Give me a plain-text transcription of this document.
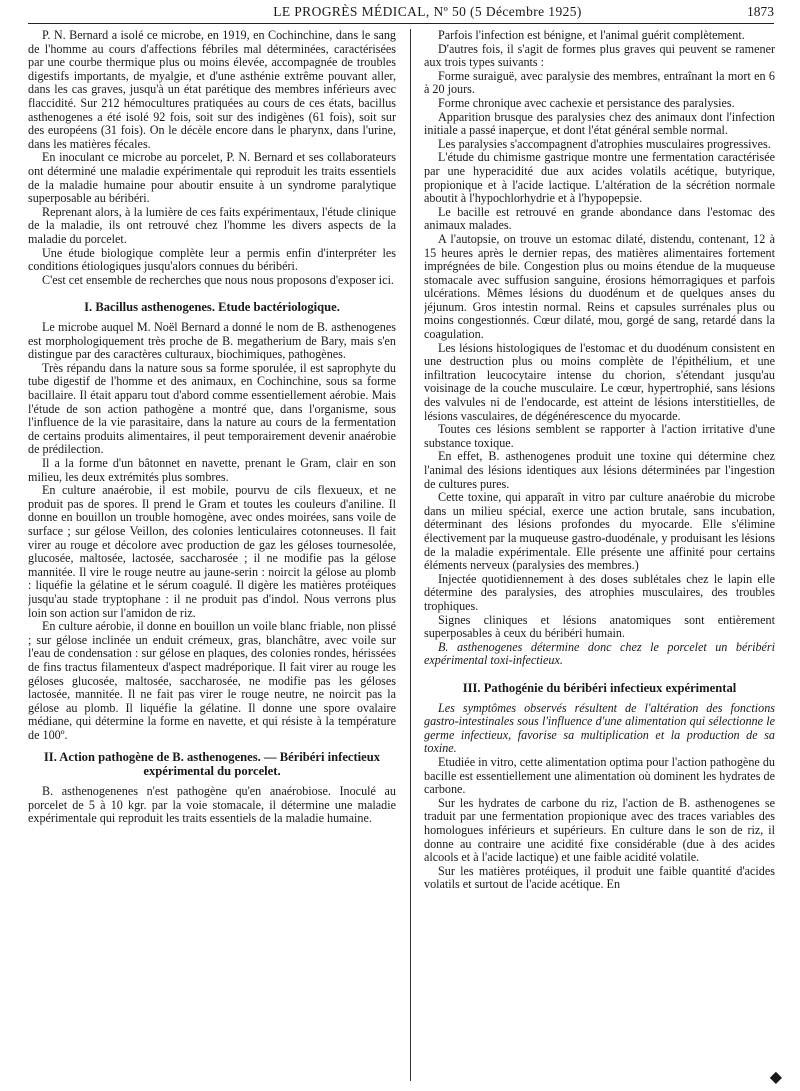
LE PROGRÈS MÉDICAL, Nº 50 (5 Décembre 1925)	1873

P. N. Bernard a isolé ce microbe, en 1919, en Cochinchine, dans le sang de l'homme au cours d'affections fébriles mal déterminées, caractérisées par une courbe thermique plus ou moins élevée, accompagnée de troubles digestifs importants, de myalgie, et d'une asthénie extrême pouvant aller, dans les cas graves, jusqu'à un état parétique des membres inférieurs avec flaccidité. Sur 212 hémocultures pratiquées au cours de ces états, bacillus asthenogenes a été isolé 92 fois, soit sur des indigènes (61 fois), soit sur des européens (31 fois). On le décèle encore dans le pharynx, dans l'urine, dans les matières fécales.

En inoculant ce microbe au porcelet, P. N. Bernard et ses collaborateurs ont déterminé une maladie expérimentale qui reproduit les traits essentiels de la maladie humaine pour aboutir ensuite à un syndrome paralytique superposable au béribéri.

Reprenant alors, à la lumière de ces faits expérimentaux, l'étude clinique de la maladie, ils ont retrouvé chez l'homme les divers aspects de la maladie du porcelet.

Une étude biologique complète leur a permis enfin d'interpréter les conditions étiologiques jusqu'alors connues du béribéri.

C'est cet ensemble de recherches que nous nous proposons d'exposer ici.

I. Bacillus asthenogenes. Etude bactériologique.

Le microbe auquel M. Noël Bernard a donné le nom de B. asthenogenes est morphologiquement très proche de B. megatherium de Bary, mais s'en distingue par des caractères culturaux, biochimiques, pathogènes.

Très répandu dans la nature sous sa forme sporulée, il est saprophyte du tube digestif de l'homme et des animaux, en Cochinchine, sous sa forme bacillaire. Il était apparu tout d'abord comme essentiellement aérobie. Mais l'étude de son action pathogène a montré que, dans l'organisme, sous l'influence de la vie parasitaire, dans la nature au cours de la fermentation de certains produits alimentaires, il peut temporairement devenir anaérobie de prédilection.

Il a la forme d'un bâtonnet en navette, prenant le Gram, clair en son milieu, les deux extrémités plus sombres.

En culture anaérobie, il est mobile, pourvu de cils flexueux, et ne produit pas de spores. Il prend le Gram et toutes les couleurs d'aniline. Il donne en bouillon un trouble homogène, avec ondes moirées, sans voile de surface ; sur gélose Veillon, des colonies lenticulaires cotonneuses. Il fait virer au rouge et décolore avec production de gaz les géloses tournesolée, glucosée, maltosée, lactosée, saccharosée ; il ne modifie pas la gélose mannitée. Il vire le rouge neutre au jaune-serin : noircit la gélose au plomb : liquéfie la gélatine et le sérum coagulé. Il digère les matières protéiques jusqu'au stade tryptophane : il ne produit pas d'indol. Nous verrons plus loin son action sur l'amidon de riz.

En culture aérobie, il donne en bouillon un voile blanc friable, non plissé ; sur gélose inclinée un enduit crémeux, gras, blanchâtre, avec voile sur l'eau de condensation : sur gélose en plaques, des colonies rondes, hérissées de fins tractus filamenteux d'aspect madréporique. Il fait virer au rouge les géloses glucosée, maltosée, saccharosée, ne modifie pas les géloses lactosée, mannitée. Il ne fait pas virer le rouge neutre, ne noircit pas la gélose au plomb. Il liquéfie la gélatine. Il donne une spore ovalaire médiane, qui détermine la forme en navette, et qui résiste à la température de 100º.

II. Action pathogène de B. asthenogenes. — Béribéri infectieux expérimental du porcelet.

B. asthenogenenes n'est pathogène qu'en anaérobiose. Inoculé au porcelet de 5 à 10 kgr. par la voie stomacale, il détermine une maladie expérimentale qui reproduit les traits essentiels de la maladie humaine.

Parfois l'infection est bénigne, et l'animal guérit complètement.

D'autres fois, il s'agit de formes plus graves qui peuvent se ramener aux trois types suivants :

Forme suraiguë, avec paralysie des membres, entraînant la mort en 6 à 20 jours.

Forme chronique avec cachexie et persistance des paralysies.

Apparition brusque des paralysies chez des animaux dont l'infection initiale a passé inaperçue, et dont l'état général semble normal.

Les paralysies s'accompagnent d'atrophies musculaires progressives.

L'étude du chimisme gastrique montre une fermentation caractérisée par une hyperacidité due aux acides volatils acétique, butyrique, propionique et à l'acide lactique. L'altération de la sécrétion normale aboutit à l'hypochlorhydrie et à l'hypopepsie.

Le bacille est retrouvé en grande abondance dans l'estomac des animaux malades.

A l'autopsie, on trouve un estomac dilaté, distendu, contenant, 12 à 15 heures après le dernier repas, des matières alimentaires fortement imprégnées de bile. Congestion plus ou moins étendue de la muqueuse stomacale avec suffusion sanguine, érosions hémorragiques et parfois ulcérations. Mêmes lésions du duodénum et de quelques anses du jéjunum. Gros intestin normal. Reins et capsules surrénales plus ou moins congestionnés. Cœur dilaté, mou, gorgé de sang, retardé dans la coagulation.

Les lésions histologiques de l'estomac et du duodénum consistent en une destruction plus ou moins complète de l'épithélium, et une infiltration leucocytaire intense du chorion, s'étendant jusqu'au voisinage de la couche musculaire. Le cœur, hypertrophié, sans lésions des valvules ni de l'endocarde, est atteint de lésions interstitielles, de lésions vasculaires, de dégénérescence du myocarde.

Toutes ces lésions semblent se rapporter à l'action irritative d'une substance toxique.

En effet, B. asthenogenes produit une toxine qui détermine chez l'animal des lésions identiques aux lésions déterminées par l'ingestion de cultures pures.

Cette toxine, qui apparaît in vitro par culture anaérobie du microbe dans un milieu spécial, exerce une action brutale, sans incubation, déterminant des lésions profondes du myocarde. Elle s'élimine électivement par la muqueuse gastro-duodénale, y produisant les lésions de la maladie expérimentale. Elle présente une affinité pour certains éléments nerveux (paralysies des membres.)

Injectée quotidiennement à des doses sublétales chez le lapin elle détermine des paralysies, des atrophies musculaires, des troubles trophiques.

Signes cliniques et lésions anatomiques sont entièrement superposables à ceux du béribéri humain.

B. asthenogenes détermine donc chez le porcelet un béribéri expérimental toxi-infectieux.

III. Pathogénie du béribéri infectieux expérimental

Les symptômes observés résultent de l'altération des fonctions gastro-intestinales sous l'influence d'une alimentation qui sélectionne le germe infectieux, favorise sa multiplication et la production de sa toxine.

Etudiée in vitro, cette alimentation optima pour l'action pathogène du bacille est essentiellement une alimentation où dominent les hydrates de carbone.

Sur les hydrates de carbone du riz, l'action de B. asthenogenes se traduit par une fermentation propionique avec des traces variables des homologues inférieurs et supérieurs. En culture dans le son de riz, il donne au contraire une acidité fixe considérable (due à des acides alcools et à l'acide lactique) et une faible acidité volatile.

Sur les matières protéiques, il produit une faible quantité d'acides volatils et surtout de l'acide acétique. En

◆
